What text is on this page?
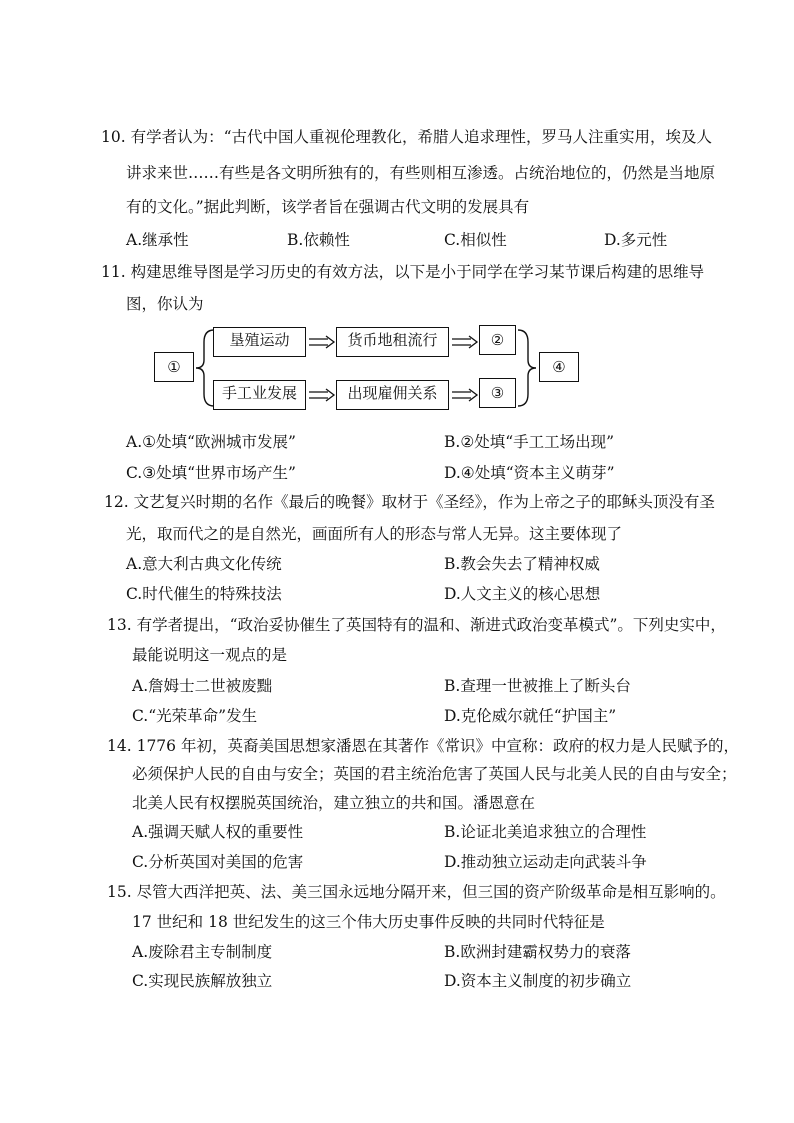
10. 有学者认为：“古代中国人重视伦理教化，希腊人追求理性，罗马人注重实用，埃及人
讲求来世……有些是各文明所独有的，有些则相互渗透。占统治地位的，仍然是当地原
有的文化。”据此判断，该学者旨在强调古代文明的发展具有
A.继承性	B.依赖性	C.相似性	D.多元性
11. 构建思维导图是学习历史的有效方法，以下是小于同学在学习某节课后构建的思维导
图，你认为
①
垦殖运动	货币地租流行	②
手工业发展	出现雇佣关系	③
④
A.①处填“欧洲城市发展”	B.②处填“手工工场出现”
C.③处填“世界市场产生”	D.④处填“资本主义萌芽”
12. 文艺复兴时期的名作《最后的晚餐》取材于《圣经》，作为上帝之子的耶稣头顶没有圣
光，取而代之的是自然光，画面所有人的形态与常人无异。这主要体现了
A.意大利古典文化传统	B.教会失去了精神权威
C.时代催生的特殊技法	D.人文主义的核心思想
13. 有学者提出，“政治妥协催生了英国特有的温和、渐进式政治变革模式”。下列史实中，
最能说明这一观点的是
A.詹姆士二世被废黜	B.查理一世被推上了断头台
C.“光荣革命”发生	D.克伦威尔就任“护国主”
14. 1776 年初，英裔美国思想家潘恩在其著作《常识》中宣称：政府的权力是人民赋予的，
必须保护人民的自由与安全；英国的君主统治危害了英国人民与北美人民的自由与安全；
北美人民有权摆脱英国统治，建立独立的共和国。潘恩意在
A.强调天赋人权的重要性	B.论证北美追求独立的合理性
C.分析英国对美国的危害	D.推动独立运动走向武装斗争
15. 尽管大西洋把英、法、美三国永远地分隔开来，但三国的资产阶级革命是相互影响的。
17 世纪和 18 世纪发生的这三个伟大历史事件反映的共同时代特征是
A.废除君主专制制度	B.欧洲封建霸权势力的衰落
C.实现民族解放独立	D.资本主义制度的初步确立
